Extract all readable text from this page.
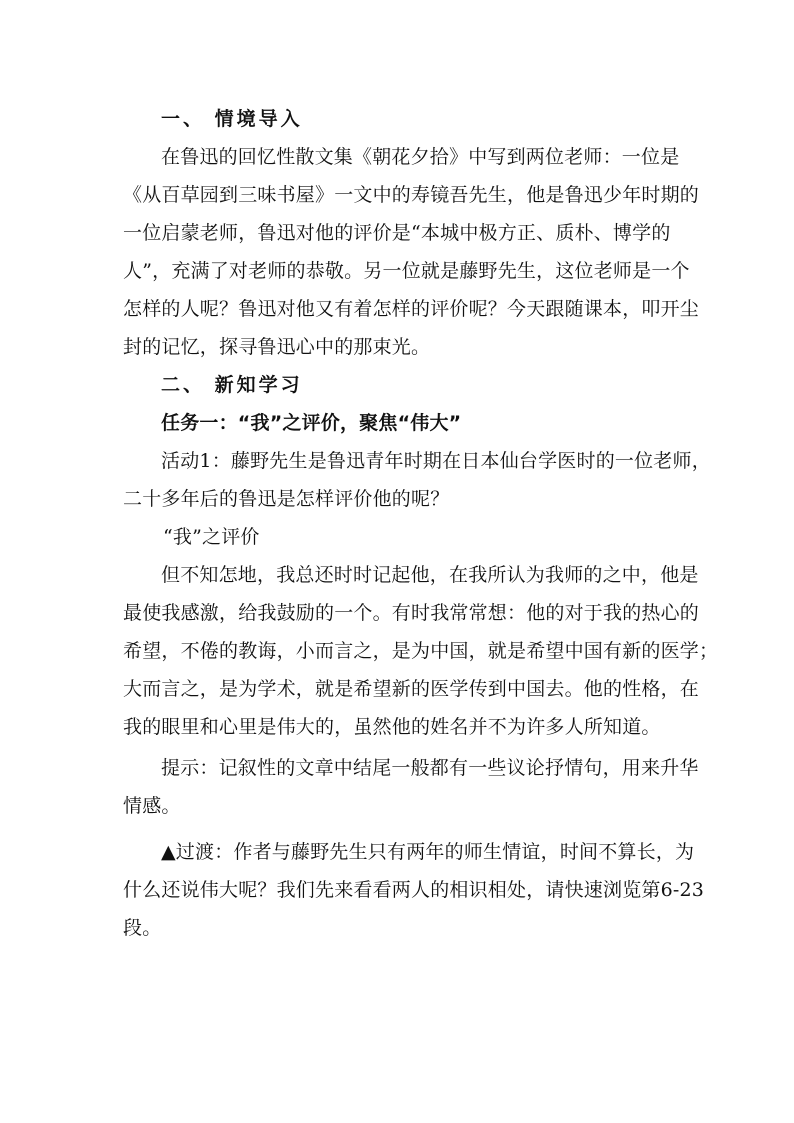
一、 情境导入
在鲁迅的回忆性散文集《朝花夕拾》中写到两位老师：一位是
《从百草园到三味书屋》一文中的寿镜吾先生，他是鲁迅少年时期的
一位启蒙老师，鲁迅对他的评价是“本城中极方正、质朴、博学的
人”，充满了对老师的恭敬。另一位就是藤野先生，这位老师是一个
怎样的人呢？鲁迅对他又有着怎样的评价呢？今天跟随课本，叩开尘
封的记忆，探寻鲁迅心中的那束光。
二、 新知学习
任务一：“我”之评价，聚焦“伟大”
活动1：藤野先生是鲁迅青年时期在日本仙台学医时的一位老师，
二十多年后的鲁迅是怎样评价他的呢？
“我”之评价
但不知怎地，我总还时时记起他，在我所认为我师的之中，他是
最使我感激，给我鼓励的一个。有时我常常想：他的对于我的热心的
希望，不倦的教诲，小而言之，是为中国，就是希望中国有新的医学；
大而言之，是为学术，就是希望新的医学传到中国去。他的性格，在
我的眼里和心里是伟大的，虽然他的姓名并不为许多人所知道。
提示：记叙性的文章中结尾一般都有一些议论抒情句，用来升华
情感。
▲过渡：作者与藤野先生只有两年的师生情谊，时间不算长，为
什么还说伟大呢？我们先来看看两人的相识相处，请快速浏览第6-23
段。
